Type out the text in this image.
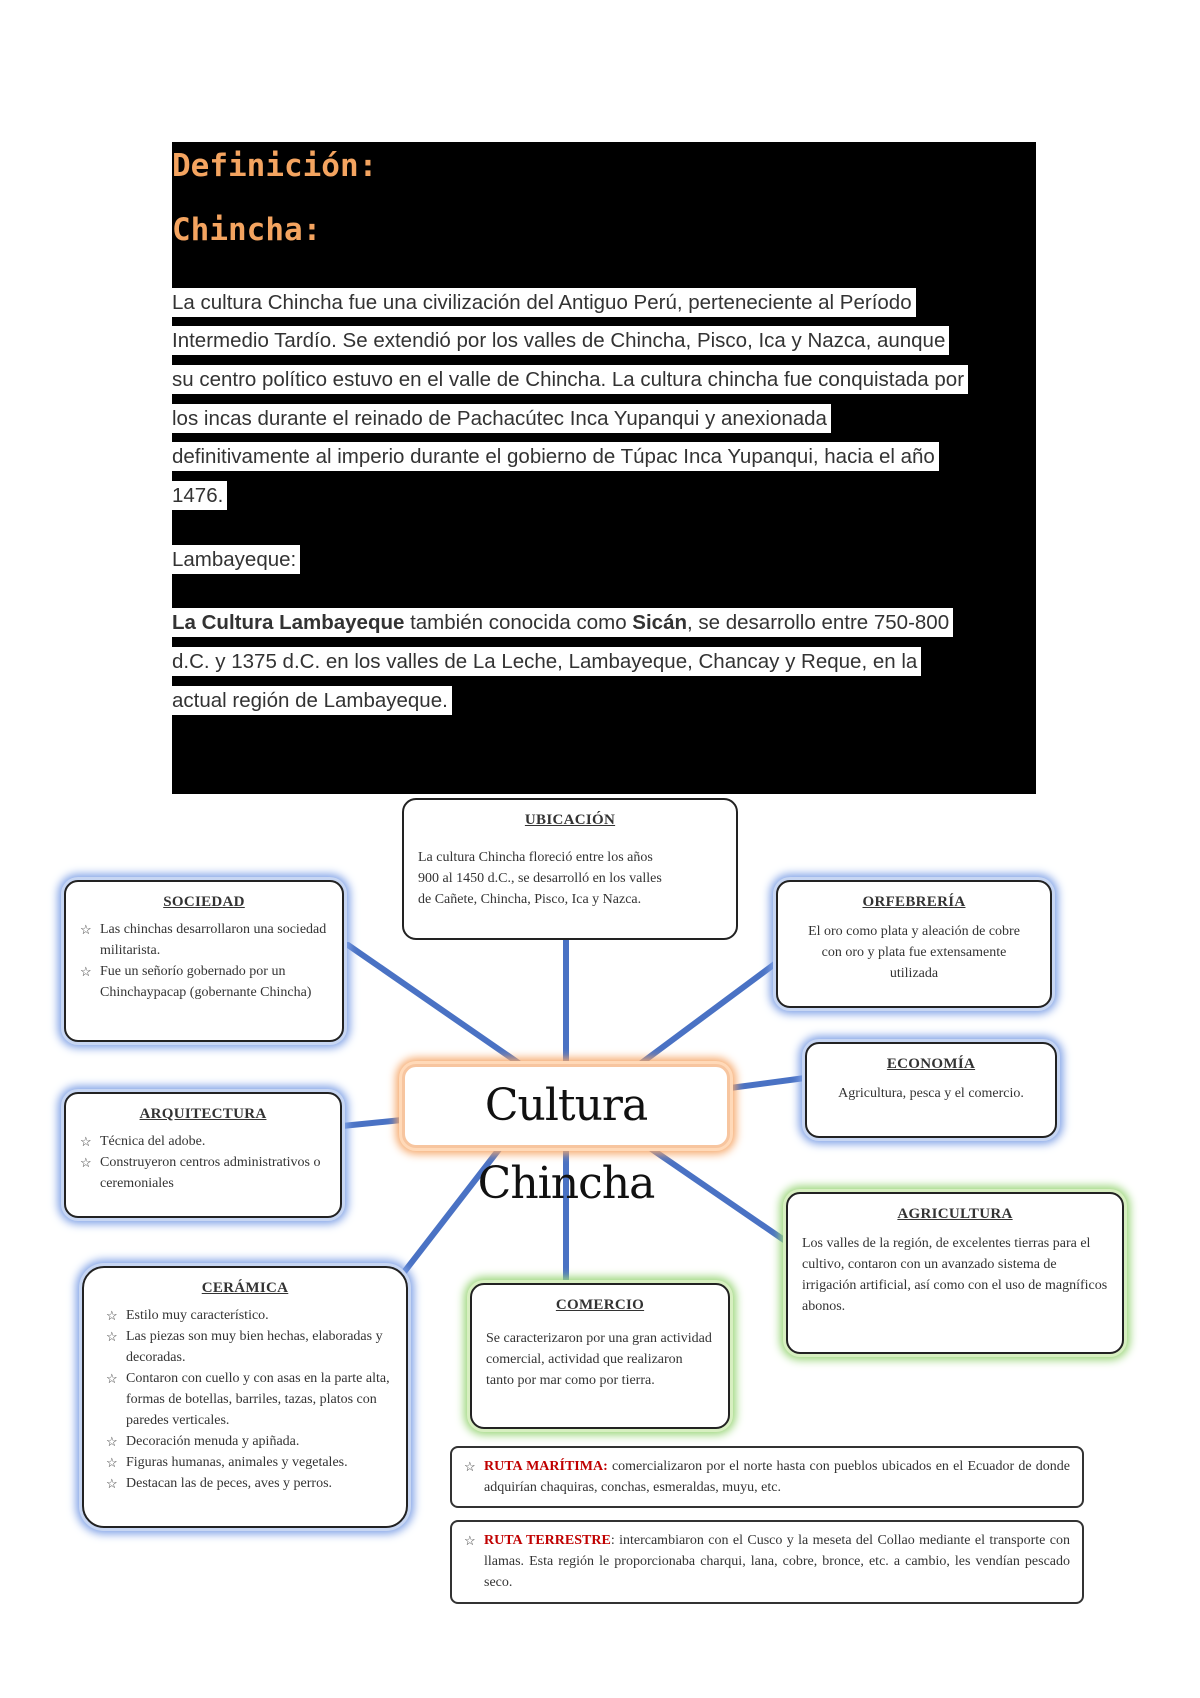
Definición:
Chincha:
La cultura Chincha fue una civilización del Antiguo Perú, perteneciente al Período
Intermedio Tardío. Se extendió por los valles de Chincha, Pisco, Ica y Nazca, aunque
su centro político estuvo en el valle de Chincha. La cultura chincha fue conquistada por
los incas durante el reinado de Pachacútec Inca Yupanqui y anexionada
definitivamente al imperio durante el gobierno de Túpac Inca Yupanqui, hacia el año
1476.
Lambayeque:
La Cultura Lambayeque también conocida como Sicán, se desarrollo entre 750-800
d.C. y 1375 d.C. en los valles de La Leche, Lambayeque, Chancay y Reque, en la
actual región de Lambayeque.
Cultura Chincha
UBICACIÓN
La cultura Chincha floreció entre los años
900 al 1450 d.C., se desarrolló en los valles
de Cañete, Chincha, Pisco, Ica y Nazca.
SOCIEDAD
☆ Las chinchas desarrollaron una sociedad militarista.
☆ Fue un señorío gobernado por un Chinchaypacap (gobernante Chincha)
ORFEBRERÍA
El oro como plata y aleación de cobre
con oro y plata fue extensamente
utilizada
ECONOMÍA
Agricultura, pesca y el comercio.
ARQUITECTURA
☆ Técnica del adobe.
☆ Construyeron centros administrativos o ceremoniales
AGRICULTURA
Los valles de la región, de excelentes tierras para el cultivo, contaron con un avanzado sistema de irrigación artificial, así como con el uso de magníficos abonos.
CERÁMICA
☆ Estilo muy característico.
☆ Las piezas son muy bien hechas, elaboradas y decoradas.
☆ Contaron con cuello y con asas en la parte alta, formas de botellas, barriles, tazas, platos con paredes verticales.
☆ Decoración menuda y apiñada.
☆ Figuras humanas, animales y vegetales.
☆ Destacan las de peces, aves y perros.
COMERCIO
Se caracterizaron por una gran actividad comercial, actividad que realizaron tanto por mar como por tierra.
☆ RUTA MARÍTIMA: comercializaron por el norte hasta con pueblos ubicados en el Ecuador de donde adquirían chaquiras, conchas, esmeraldas, muyu, etc.
☆ RUTA TERRESTRE: intercambiaron con el Cusco y la meseta del Collao mediante el transporte con llamas. Esta región le proporcionaba charqui, lana, cobre, bronce, etc. a cambio, les vendían pescado seco.
